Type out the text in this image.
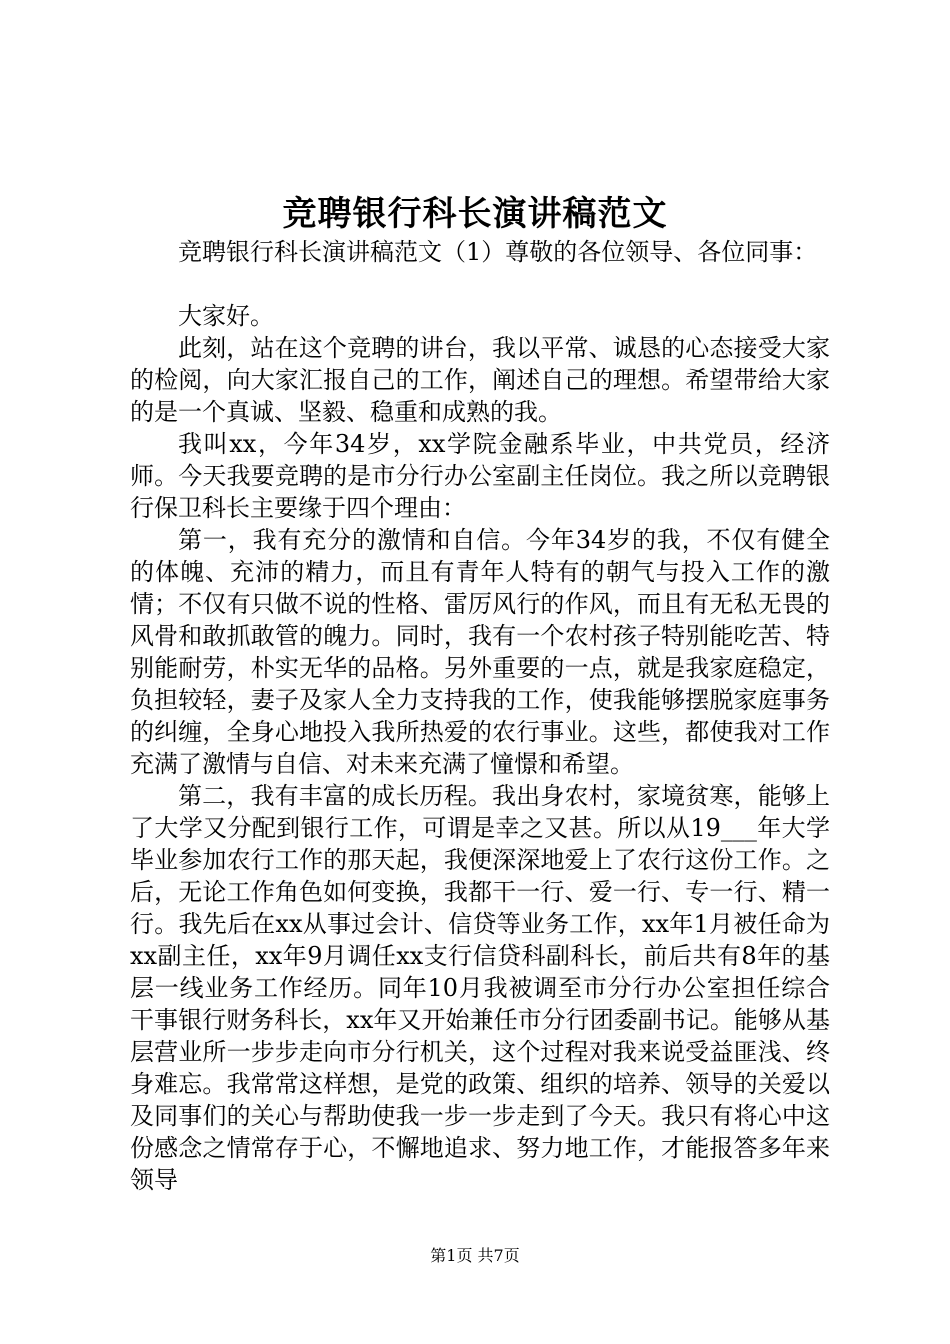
竞聘银行科长演讲稿范文

竞聘银行科长演讲稿范文（1）尊敬的各位领导、各位同事：

大家好。

此刻，站在这个竞聘的讲台，我以平常、诚恳的心态接受大家的检阅，向大家汇报自己的工作，阐述自己的理想。希望带给大家的是一个真诚、坚毅、稳重和成熟的我。

我叫xx，今年34岁，xx学院金融系毕业，中共党员，经济师。今天我要竞聘的是市分行办公室副主任岗位。我之所以竞聘银行保卫科长主要缘于四个理由：

第一，我有充分的激情和自信。今年34岁的我，不仅有健全的体魄、充沛的精力，而且有青年人特有的朝气与投入工作的激情；不仅有只做不说的性格、雷厉风行的作风，而且有无私无畏的风骨和敢抓敢管的魄力。同时，我有一个农村孩子特别能吃苦、特别能耐劳，朴实无华的品格。另外重要的一点，就是我家庭稳定，负担较轻，妻子及家人全力支持我的工作，使我能够摆脱家庭事务的纠缠，全身心地投入我所热爱的农行事业。这些，都使我对工作充满了激情与自信、对未来充满了憧憬和希望。

第二，我有丰富的成长历程。我出身农村，家境贫寒，能够上了大学又分配到银行工作，可谓是幸之又甚。所以从19___年大学毕业参加农行工作的那天起，我便深深地爱上了农行这份工作。之后，无论工作角色如何变换，我都干一行、爱一行、专一行、精一行。我先后在xx从事过会计、信贷等业务工作，xx年1月被任命为xx副主任，xx年9月调任xx支行信贷科副科长，前后共有8年的基层一线业务工作经历。同年10月我被调至市分行办公室担任综合干事银行财务科长，xx年又开始兼任市分行团委副书记。能够从基层营业所一步步走向市分行机关，这个过程对我来说受益匪浅、终身难忘。我常常这样想，是党的政策、组织的培养、领导的关爱以及同事们的关心与帮助使我一步一步走到了今天。我只有将心中这份感念之情常存于心，不懈地追求、努力地工作，才能报答多年来领导

第1页 共7页
